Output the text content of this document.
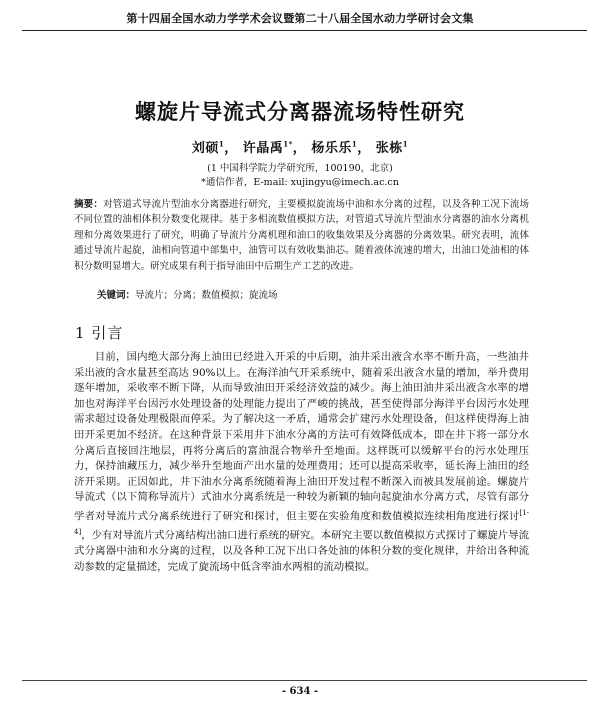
第十四届全国水动力学学术会议暨第二十八届全国水动力学研讨会文集
螺旋片导流式分离器流场特性研究
刘硕$^1$， 许晶禹$^{1*}$， 杨乐乐$^1$， 张栋$^1$
(1 中国科学院力学研究所，100190，北京)
*通信作者，E-mail: xujingyu@imech.ac.cn
摘要：对管道式导流片型油水分离器进行研究，主要模拟旋流场中油和水分离的过程，以及各种工况下流场不同位置的油相体积分数变化规律。基于多相流数值模拟方法，对管道式导流片型油水分离器的油水分离机理和分离效果进行了研究，明确了导流片分离机理和油口的收集效果及分离器的分离效果。研究表明，流体通过导流片起旋，油相向管道中部集中，油管可以有效收集油芯。随着液体流速的增大，出油口处油相的体积分数明显增大。研究成果有利于指导油田中后期生产工艺的改进。
关键词：导流片；分离；数值模拟；旋流场
1 引言

目前，国内绝大部分海上油田已经进入开采的中后期，油井采出液含水率不断升高，一些油井采出液的含水量甚至高达 90%以上。在海洋油气开采系统中，随着采出液含水量的增加，举升费用逐年增加，采收率不断下降，从而导致油田开采经济效益的减少。海上油田油井采出液含水率的增加也对海洋平台因污水处理设备的处理能力提出了严峻的挑战，甚至使得部分海洋平台因污水处理需求超过设备处理极限而停采。为了解决这一矛盾，通常会扩建污水处理设备，但这样使得海上油田开采更加不经济。在这种背景下采用井下油水分离的方法可有效降低成本，即在井下将一部分水分离后直接回注地层，再将分离后的富油混合物举升至地面。这样既可以缓解平台的污水处理压力，保持油藏压力，减少举升至地面产出水量的处理费用；还可以提高采收率，延长海上油田的经济开采期。正因如此，井下油水分离系统随着海上油田开发过程不断深入而被具发展前途。螺旋片导流式（以下简称导流片）式油水分离系统是一种较为新颖的轴向起旋油水分离方式，尽管有部分学者对导流片式分离系统进行了研究和探讨，但主要在实验角度和数值模拟连续相角度进行探讨[1-4]，少有对导流片式分离结构出油口进行系统的研究。本研究主要以数值模拟方式探讨了螺旋片导流式分离器中油和水分离的过程，以及各种工况下出口各处油的体积分数的变化规律，并给出各种流动参数的定量描述，完成了旋流场中低含率油水两相的流动模拟。

- 634 -
